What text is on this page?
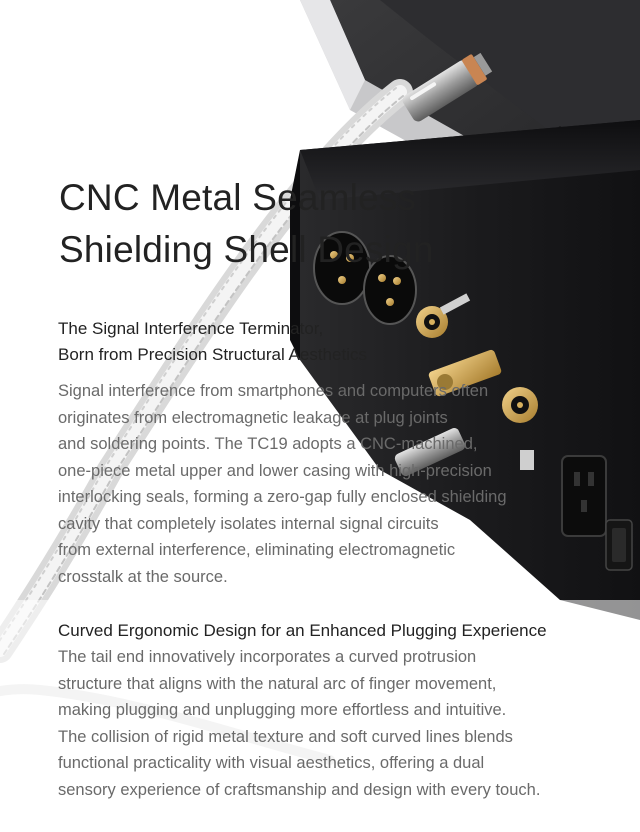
CNC Metal Seamless
Shielding Shell Design
The Signal Interference Terminator,
Born from Precision Structural Aesthetics

Signal interference from smartphones and computers often
originates from electromagnetic leakage at plug joints
and soldering points. The TC19 adopts a CNC-machined,
one-piece metal upper and lower casing with high-precision
interlocking seals, forming a zero-gap fully enclosed shielding
cavity that completely isolates internal signal circuits
from external interference, eliminating electromagnetic
crosstalk at the source.

Curved Ergonomic Design for an Enhanced Plugging Experience

The tail end innovatively incorporates a curved protrusion
structure that aligns with the natural arc of finger movement,
making plugging and unplugging more effortless and intuitive.
The collision of rigid metal texture and soft curved lines blends
functional practicality with visual aesthetics, offering a dual
sensory experience of craftsmanship and design with every touch.
